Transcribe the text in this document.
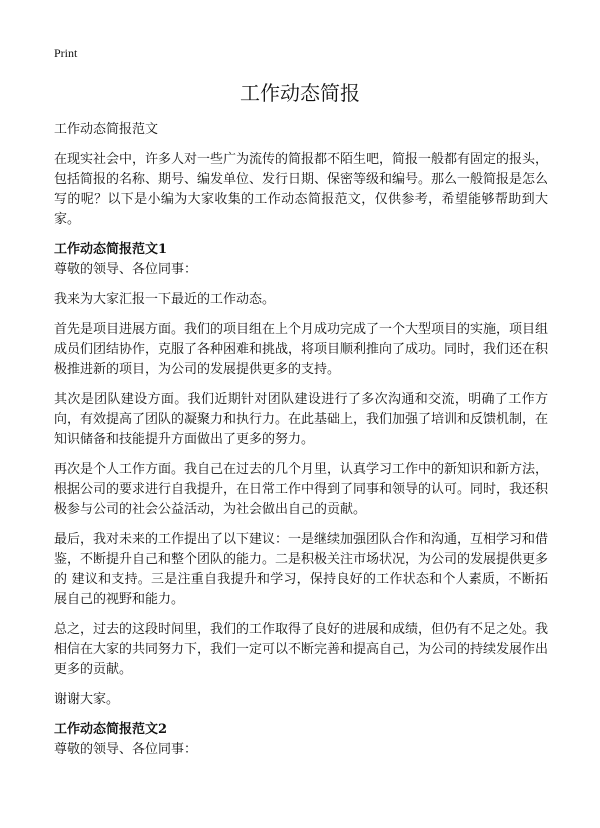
Print
工作动态简报

工作动态简报范文

在现实社会中，许多人对一些广为流传的简报都不陌生吧，简报一般都有固定的报头，包括简报的名称、期号、编发单位、发行日期、保密等级和编号。那么一般简报是怎么写的呢？以下是小编为大家收集的工作动态简报范文，仅供参考，希望能够帮助到大家。

工作动态简报范文1

尊敬的领导、各位同事：

我来为大家汇报一下最近的工作动态。

首先是项目进展方面。我们的项目组在上个月成功完成了一个大型项目的实施，项目组成员们团结协作，克服了各种困难和挑战，将项目顺利推向了成功。同时，我们还在积极推进新的项目，为公司的发展提供更多的支持。

其次是团队建设方面。我们近期针对团队建设进行了多次沟通和交流，明确了工作方向，有效提高了团队的凝聚力和执行力。在此基础上，我们加强了培训和反馈机制，在知识储备和技能提升方面做出了更多的努力。

再次是个人工作方面。我自己在过去的几个月里，认真学习工作中的新知识和新方法，根据公司的要求进行自我提升，在日常工作中得到了同事和领导的认可。同时，我还积极参与公司的社会公益活动，为社会做出自己的贡献。

最后，我对未来的工作提出了以下建议：一是继续加强团队合作和沟通，互相学习和借鉴，不断提升自己和整个团队的能力。二是积极关注市场状况，为公司的发展提供更多的 建议和支持。三是注重自我提升和学习，保持良好的工作状态和个人素质，不断拓展自己的视野和能力。

总之，过去的这段时间里，我们的工作取得了良好的进展和成绩，但仍有不足之处。我相信在大家的共同努力下，我们一定可以不断完善和提高自己，为公司的持续发展作出更多的贡献。

谢谢大家。

工作动态简报范文2

尊敬的领导、各位同事：
